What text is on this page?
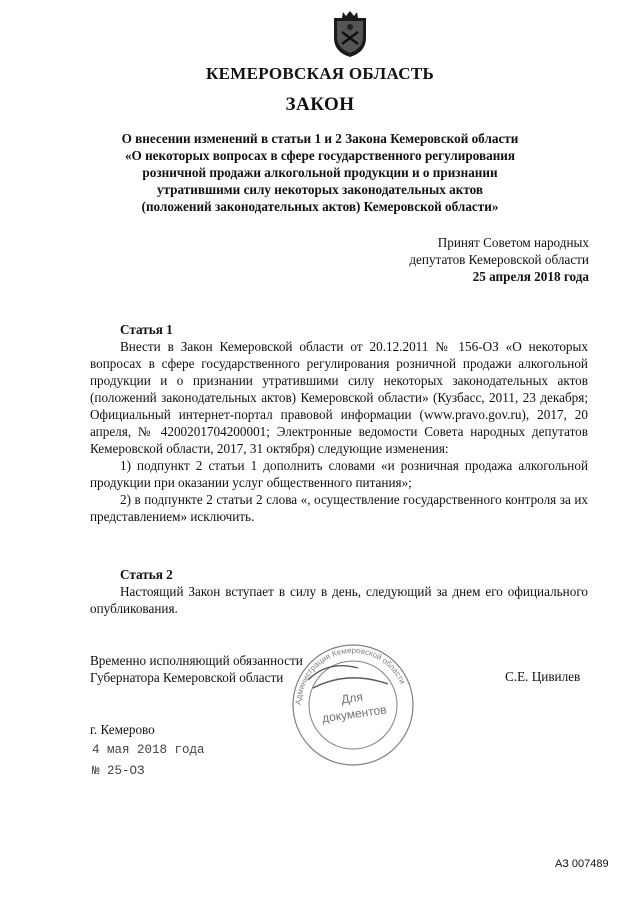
КЕМЕРОВСКАЯ ОБЛАСТЬ
ЗАКОН
О внесении изменений в статьи 1 и 2 Закона Кемеровской области
«О некоторых вопросах в сфере государственного регулирования
розничной продажи алкогольной продукции и о признании
утратившими силу некоторых законодательных актов
(положений законодательных актов) Кемеровской области»
Принят Советом народных
депутатов Кемеровской области
25 апреля 2018 года

Статья 1

Внести в Закон Кемеровской области от 20.12.2011 № 156-ОЗ «О некоторых вопросах в сфере государственного регулирования розничной продажи алкогольной продукции и о признании утратившими силу некоторых законодательных актов (положений законодательных актов) Кемеровской области» (Кузбасс, 2011, 23 декабря; Официальный интернет-портал правовой информации (www.pravo.gov.ru), 2017, 20 апреля, № 4200201704200001; Электронные ведомости Совета народных депутатов Кемеровской области, 2017, 31 октября) следующие изменения:

1) подпункт 2 статьи 1 дополнить словами «и розничная продажа алкогольной продукции при оказании услуг общественного питания»;

2) в подпункте 2 статьи 2 слова «, осуществление государственного контроля за их представлением» исключить.

Статья 2

Настоящий Закон вступает в силу в день, следующий за днем его официального опубликования.

Временно исполняющий обязанности
Губернатора Кемеровской области	С.Е. Цивилев
Администрация Кемеровской области
Для
документов
г. Кемерово
4 мая 2018 года
№ 25-ОЗ
АЗ 007489
